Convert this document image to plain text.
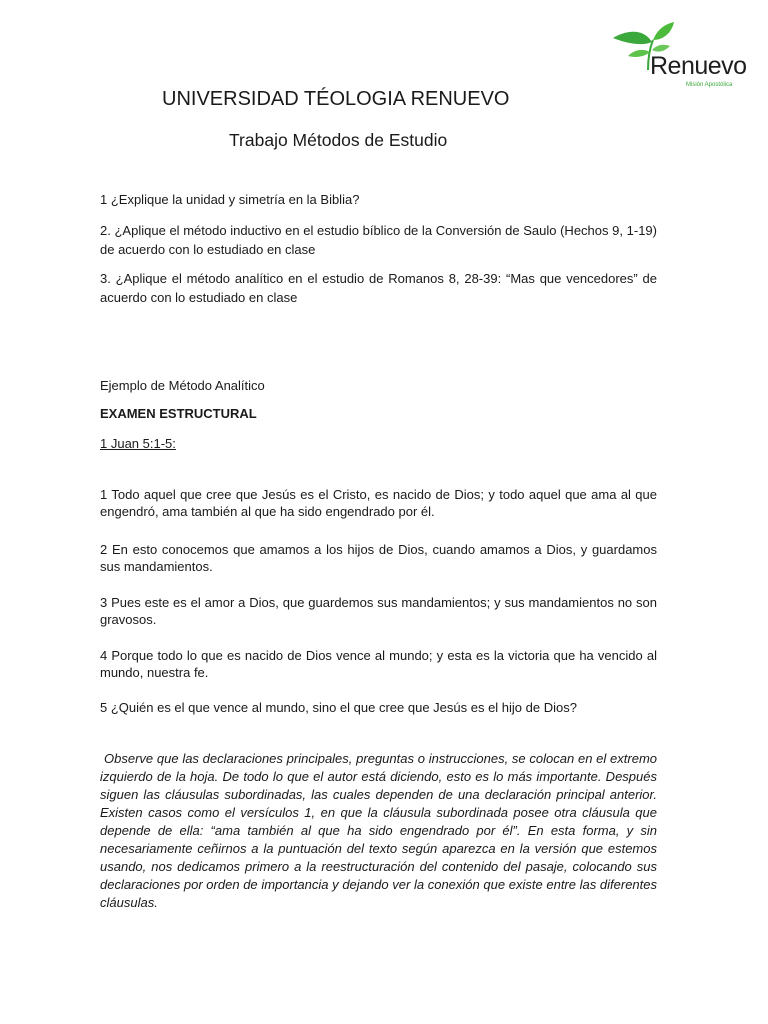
Renuevo
Misión Apostólica
UNIVERSIDAD TÉOLOGIA RENUEVO
Trabajo Métodos de Estudio
1 ¿Explique la unidad y simetría en la Biblia?
2. ¿Aplique el método inductivo en el estudio bíblico de la Conversión de Saulo (Hechos 9, 1-19) de acuerdo con lo estudiado en clase
3. ¿Aplique el método analítico en el estudio de Romanos 8, 28-39: “Mas que vencedores” de acuerdo con lo estudiado en clase
Ejemplo de Método Analítico
EXAMEN ESTRUCTURAL
1 Juan 5:1-5:
1 Todo aquel que cree que Jesús es el Cristo, es nacido de Dios; y todo aquel que ama al que engendró, ama también al que ha sido engendrado por él.
2 En esto conocemos que amamos a los hijos de Dios, cuando amamos a Dios, y guardamos sus mandamientos.
3 Pues este es el amor a Dios, que guardemos sus mandamientos; y sus mandamientos no son gravosos.
4 Porque todo lo que es nacido de Dios vence al mundo; y esta es la victoria que ha vencido al mundo, nuestra fe.
5 ¿Quién es el que vence al mundo, sino el que cree que Jesús es el hijo de Dios?
Observe que las declaraciones principales, preguntas o instrucciones, se colocan en el extremo izquierdo de la hoja. De todo lo que el autor está diciendo, esto es lo más importante. Después siguen las cláusulas subordinadas, las cuales dependen de una declaración principal anterior. Existen casos como el versículos 1, en que la cláusula subordinada posee otra cláusula que depende de ella: “ama también al que ha sido engendrado por él”. En esta forma, y sin necesariamente ceñirnos a la puntuación del texto según aparezca en la versión que estemos usando, nos dedicamos primero a la reestructuración del contenido del pasaje, colocando sus declaraciones por orden de importancia y dejando ver la conexión que existe entre las diferentes cláusulas.
